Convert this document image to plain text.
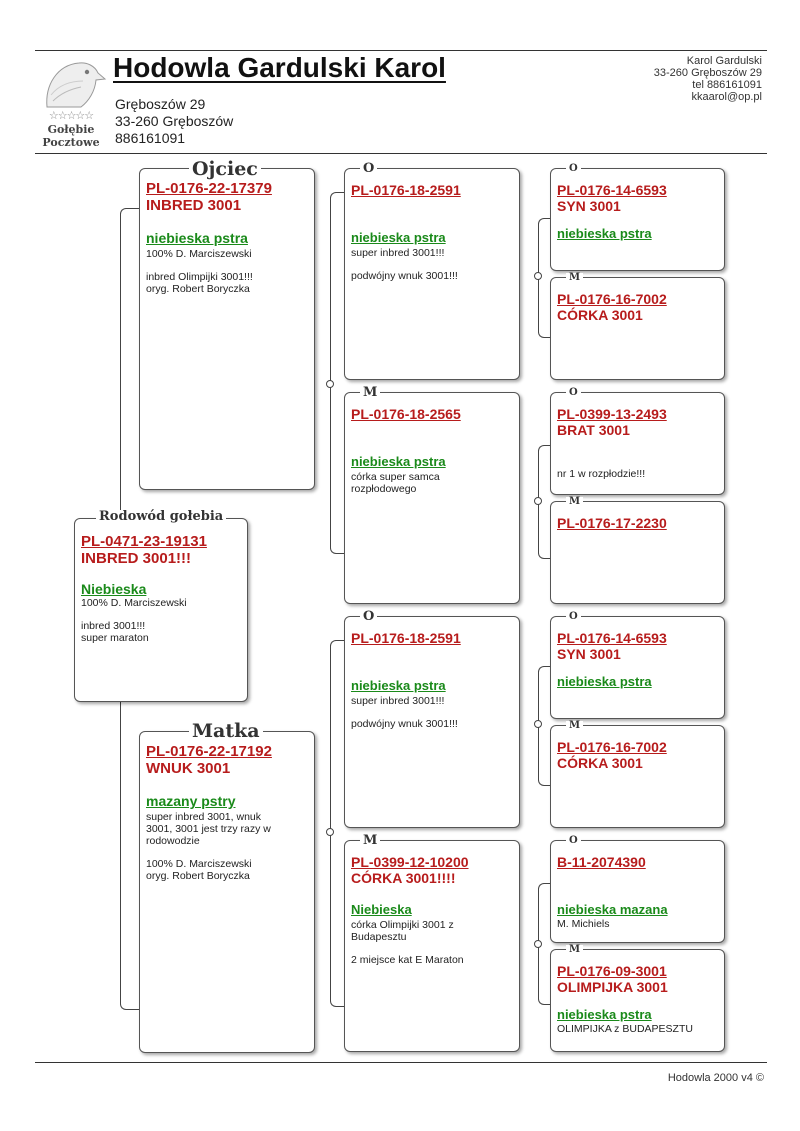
☆☆☆☆☆
Gołębie
Pocztowe
Hodowla Gardulski Karol
Gręboszów 29
33-260 Gręboszów
886161091
Karol Gardulski
33-260 Gręboszów 29
tel 886161091
kkaarol@op.pl
PL-0471-23-19131
INBRED 3001!!!
Niebieska
100% D. Marciszewski
inbred 3001!!!
super maraton
Rodowód gołebia
PL-0176-22-17379
INBRED 3001
niebieska pstra
100% D. Marciszewski
inbred Olimpijki 3001!!!
oryg. Robert Boryczka
Ojciec
PL-0176-22-17192
WNUK 3001
mazany pstry
super inbred 3001, wnuk
3001, 3001 jest trzy razy w
rodowodzie
100% D. Marciszewski
oryg. Robert Boryczka
Matka
PL-0176-18-2591
niebieska pstra
super inbred 3001!!!
podwójny wnuk 3001!!!
O
PL-0176-18-2565
niebieska pstra
córka super samca
rozpłodowego
M
PL-0176-18-2591
niebieska pstra
super inbred 3001!!!
podwójny wnuk 3001!!!
O
PL-0399-12-10200
CÓRKA 3001!!!!
Niebieska
córka Olimpijki 3001 z
Budapesztu
2 miejsce kat E Maraton
M
PL-0176-14-6593
SYN 3001
niebieska pstra
O
PL-0176-16-7002
CÓRKA 3001
M
PL-0399-13-2493
BRAT 3001
nr 1 w rozpłodzie!!!
O
PL-0176-17-2230
M
PL-0176-14-6593
SYN 3001
niebieska pstra
O
PL-0176-16-7002
CÓRKA 3001
M
B-11-2074390
niebieska mazana
M. Michiels
O
PL-0176-09-3001
OLIMPIJKA 3001
niebieska pstra
OLIMPIJKA z BUDAPESZTU
M
Hodowla 2000 v4 ©
